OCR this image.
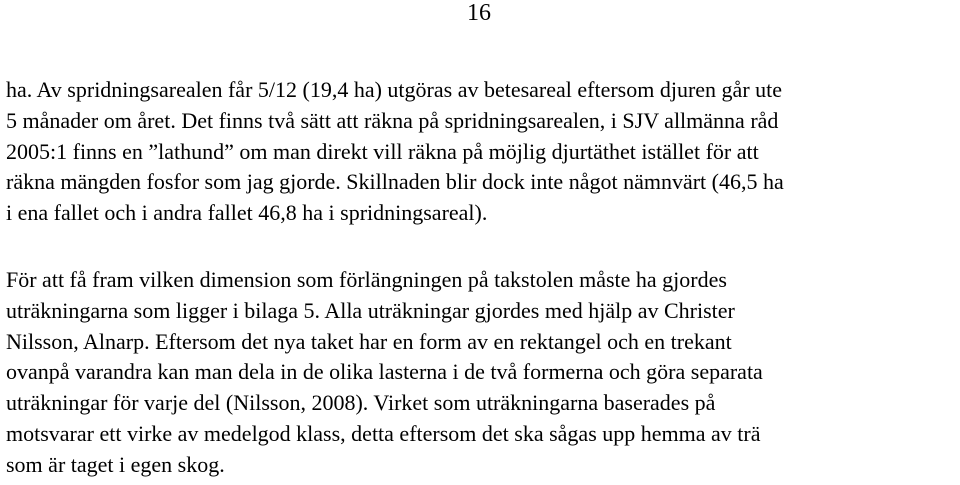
16
ha. Av spridningsarealen får 5/12 (19,4 ha) utgöras av betesareal eftersom djuren går ute
5 månader om året. Det finns två sätt att räkna på spridningsarealen, i SJV allmänna råd
2005:1 finns en ”lathund” om man direkt vill räkna på möjlig djurtäthet istället för att
räkna mängden fosfor som jag gjorde. Skillnaden blir dock inte något nämnvärt (46,5 ha
i ena fallet och i andra fallet 46,8 ha i spridningsareal).
För att få fram vilken dimension som förlängningen på takstolen måste ha gjordes
uträkningarna som ligger i bilaga 5. Alla uträkningar gjordes med hjälp av Christer
Nilsson, Alnarp. Eftersom det nya taket har en form av en rektangel och en trekant
ovanpå varandra kan man dela in de olika lasterna i de två formerna och göra separata
uträkningar för varje del (Nilsson, 2008). Virket som uträkningarna baserades på
motsvarar ett virke av medelgod klass, detta eftersom det ska sågas upp hemma av trä
som är taget i egen skog.
